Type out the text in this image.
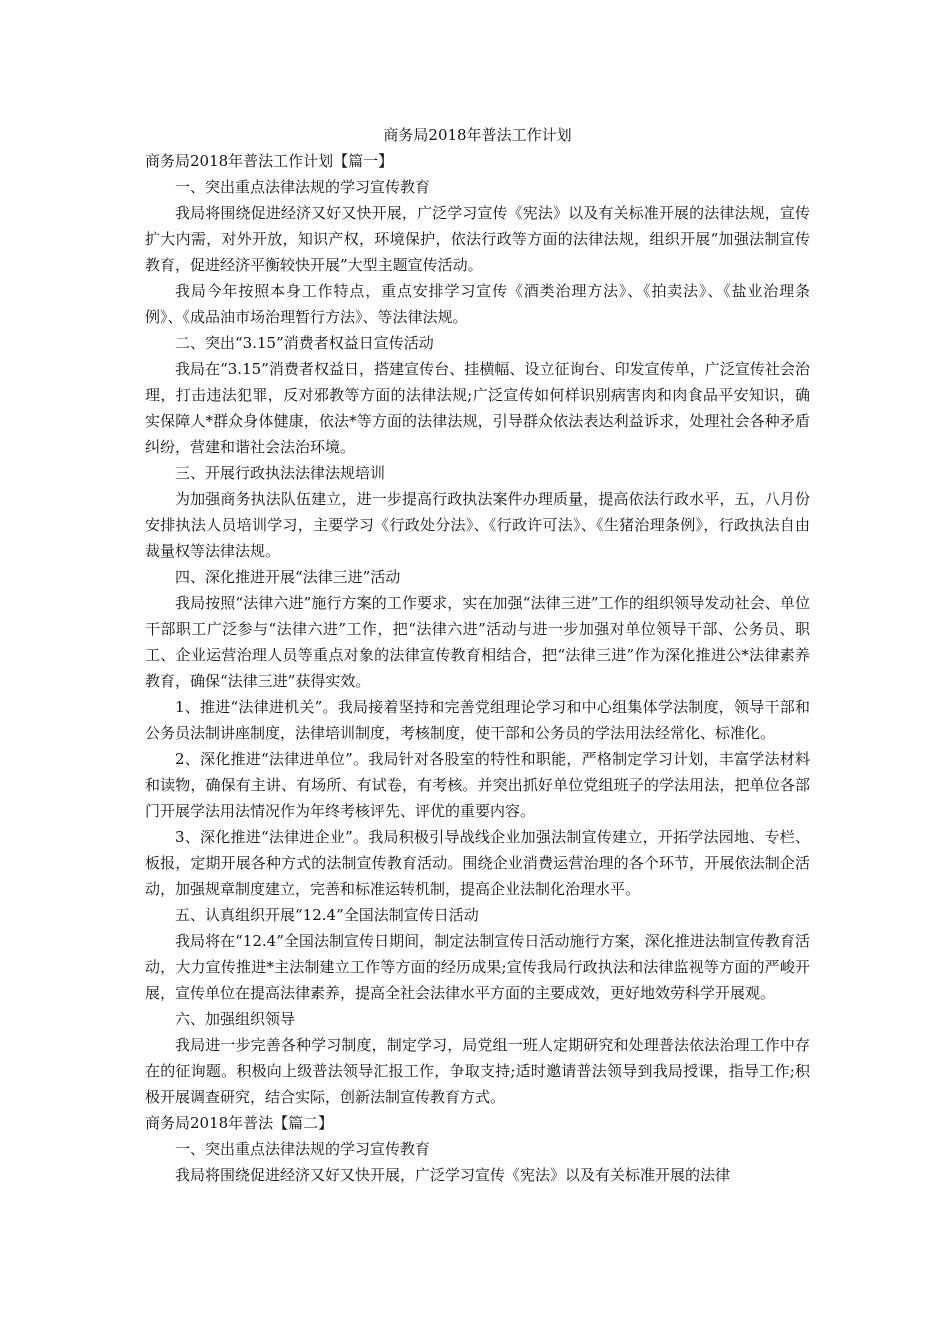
商务局2018年普法工作计划

商务局2018年普法工作计划【篇一】

一、突出重点法律法规的学习宣传教育

我局将围绕促进经济又好又快开展，广泛学习宣传《宪法》以及有关标准开展的法律法规，宣传扩大内需，对外开放，知识产权，环境保护，依法行政等方面的法律法规，组织开展“加强法制宣传教育，促进经济平衡较快开展”大型主题宣传活动。

我局今年按照本身工作特点，重点安排学习宣传《酒类治理方法》、《拍卖法》、《盐业治理条例》、《成品油市场治理暂行方法》、等法律法规。

二、突出“3.15”消费者权益日宣传活动

我局在“3.15”消费者权益日，搭建宣传台、挂横幅、设立征询台、印发宣传单，广泛宣传社会治理，打击违法犯罪，反对邪教等方面的法律法规;广泛宣传如何样识别病害肉和肉食品平安知识，确实保障人*群众身体健康，依法*等方面的法律法规，引导群众依法表达利益诉求，处理社会各种矛盾纠纷，营建和谐社会法治环境。

三、开展行政执法法律法规培训

为加强商务执法队伍建立，进一步提高行政执法案件办理质量，提高依法行政水平，五，八月份安排执法人员培训学习，主要学习《行政处分法》、《行政许可法》、《生猪治理条例》，行政执法自由裁量权等法律法规。

四、深化推进开展“法律三进”活动

我局按照“法律六进”施行方案的工作要求，实在加强“法律三进”工作的组织领导发动社会、单位干部职工广泛参与“法律六进”工作，把“法律六进”活动与进一步加强对单位领导干部、公务员、职工、企业运营治理人员等重点对象的法律宣传教育相结合，把“法律三进”作为深化推进公*法律素养教育，确保“法律三进”获得实效。

1、推进“法律进机关”。我局接着坚持和完善党组理论学习和中心组集体学法制度，领导干部和公务员法制讲座制度，法律培训制度，考核制度，使干部和公务员的学法用法经常化、标准化。

2、深化推进“法律进单位”。我局针对各股室的特性和职能，严格制定学习计划，丰富学法材料和读物，确保有主讲、有场所、有试卷，有考核。并突出抓好单位党组班子的学法用法，把单位各部门开展学法用法情况作为年终考核评先、评优的重要内容。

3、深化推进“法律进企业”。我局积极引导战线企业加强法制宣传建立，开拓学法园地、专栏、板报，定期开展各种方式的法制宣传教育活动。围绕企业消费运营治理的各个环节，开展依法制企活动，加强规章制度建立，完善和标准运转机制，提高企业法制化治理水平。

五、认真组织开展“12.4”全国法制宣传日活动

我局将在“12.4”全国法制宣传日期间，制定法制宣传日活动施行方案，深化推进法制宣传教育活动，大力宣传推进*主法制建立工作等方面的经历成果;宣传我局行政执法和法律监视等方面的严峻开展，宣传单位在提高法律素养，提高全社会法律水平方面的主要成效，更好地效劳科学开展观。

六、加强组织领导

我局进一步完善各种学习制度，制定学习，局党组一班人定期研究和处理普法依法治理工作中存在的征询题。积极向上级普法领导汇报工作，争取支持;适时邀请普法领导到我局授课，指导工作;积极开展调查研究，结合实际，创新法制宣传教育方式。

商务局2018年普法【篇二】

一、突出重点法律法规的学习宣传教育

我局将围绕促进经济又好又快开展，广泛学习宣传《宪法》以及有关标准开展的法律
